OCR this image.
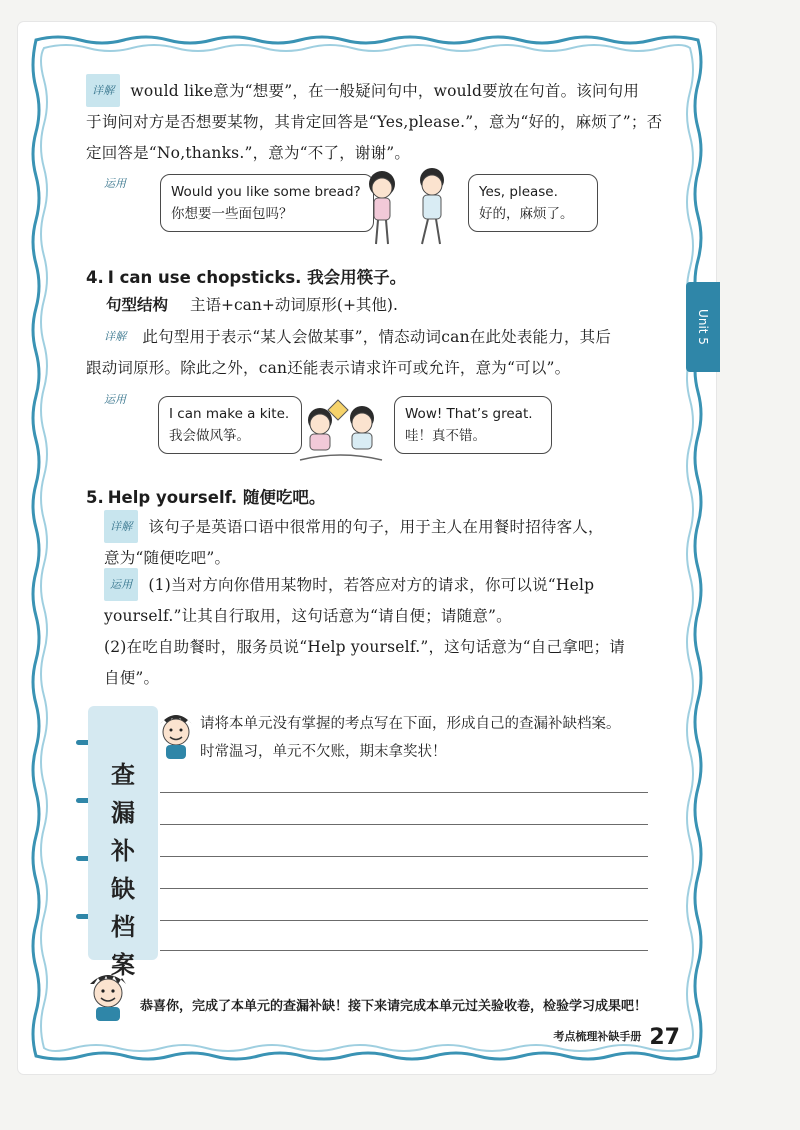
Unit 5

详解 would like意为“想要”，在一般疑问句中，would要放在句首。该问句用

于询问对方是否想要某物，其肯定回答是“Yes,please.”，意为“好的，麻烦了”；否

定回答是“No,thanks.”，意为“不了，谢谢”。

运用
Would you like some bread?
你想要一些面包吗？
Yes, please.
好的，麻烦了。

4. I can use chopsticks. 我会用筷子。

句型结构 主语+can+动词原形(+其他).

详解 此句型用于表示“某人会做某事”，情态动词can在此处表能力，其后

跟动词原形。除此之外，can还能表示请求许可或允许，意为“可以”。

运用
I can make a kite.
我会做风筝。
Wow! That’s great.
哇！真不错。

5. Help yourself. 随便吃吧。

详解 该句子是英语口语中很常用的句子，用于主人在用餐时招待客人，

意为“随便吃吧”。

运用 (1)当对方向你借用某物时，若答应对方的请求，你可以说“Help

yourself.”让其自行取用，这句话意为“请自便；请随意”。

(2)在吃自助餐时，服务员说“Help yourself.”，这句话意为“自己拿吧；请

自便”。

查
漏
补
缺
档
案
请将本单元没有掌握的考点写在下面，形成自己的查漏补缺档案。
时常温习，单元不欠账，期末拿奖状！
恭喜你，完成了本单元的查漏补缺！接下来请完成本单元过关验收卷，检验学习成果吧！
$^{考点梳理补缺手册}$ 27
